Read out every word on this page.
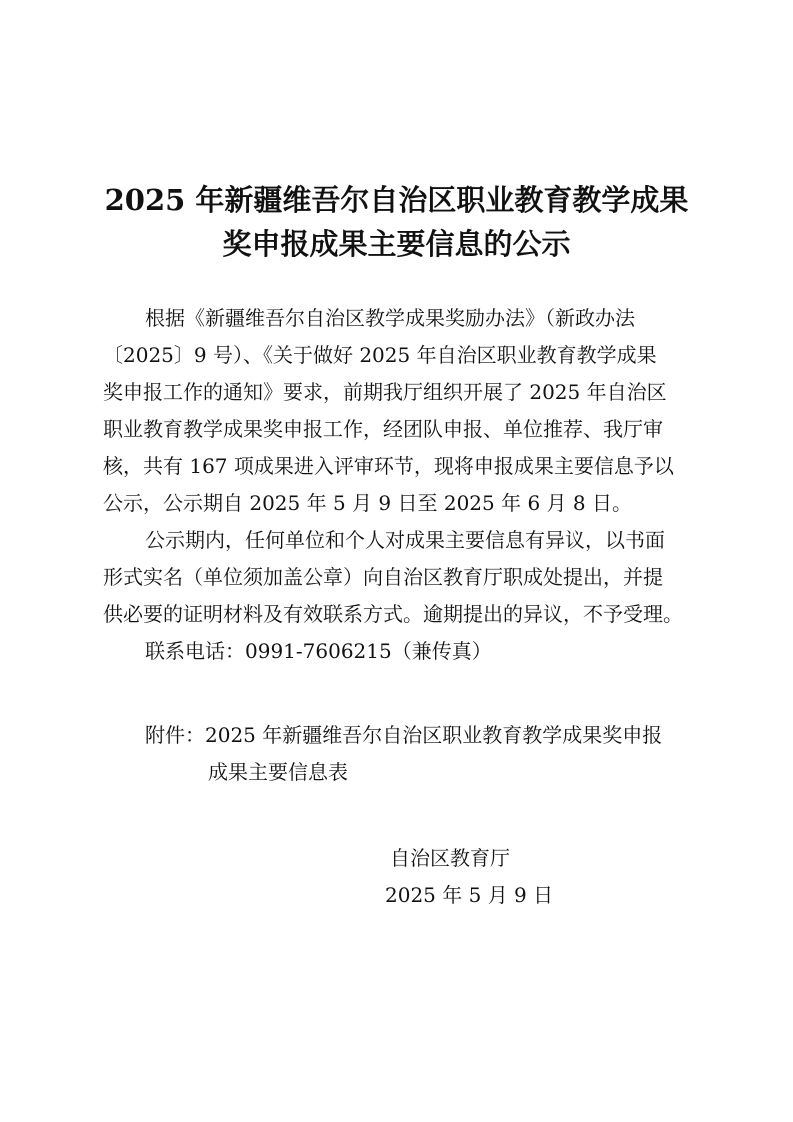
2025 年新疆维吾尔自治区职业教育教学成果
奖申报成果主要信息的公示
根据《新疆维吾尔自治区教学成果奖励办法》（新政办法
〔2025〕9 号）、《关于做好 2025 年自治区职业教育教学成果
奖申报工作的通知》要求，前期我厅组织开展了 2025 年自治区
职业教育教学成果奖申报工作，经团队申报、单位推荐、我厅审
核，共有 167 项成果进入评审环节，现将申报成果主要信息予以
公示，公示期自 2025 年 5 月 9 日至 2025 年 6 月 8 日。
公示期内，任何单位和个人对成果主要信息有异议，以书面
形式实名（单位须加盖公章）向自治区教育厅职成处提出，并提
供必要的证明材料及有效联系方式。逾期提出的异议，不予受理。
联系电话：0991-7606215（兼传真）
附件：2025 年新疆维吾尔自治区职业教育教学成果奖申报
成果主要信息表
自治区教育厅
2025 年 5 月 9 日
